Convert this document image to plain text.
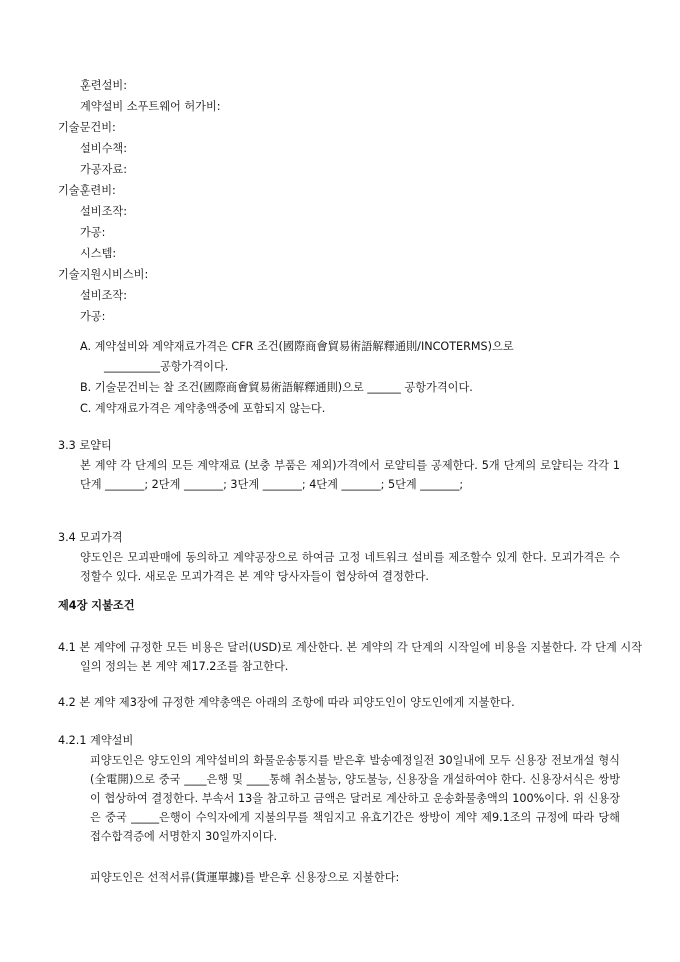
훈련설비:
계약설비 소푸트웨어 허가비:
기술문건비:
설비수책:
가공자료:
기술훈련비:
설비조작:
가공:
시스템:
기술지원시비스비:
설비조작:
가공:
A. 계약설비와 계약재료가격은 CFR 조건(國際商會貿易術語解釋通則/INCOTERMS)으로
__________공항가격이다.
B. 기술문건비는 찰 조건(國際商會貿易術語解釋通則)으로 ______ 공항가격이다.
C. 계약재료가격은 계약총액중에 포함되지 않는다.
3.3 로얄티
본 계약 각 단계의 모든 계약재료 (보충 부품은 제외)가격에서 로얄티를 공제한다. 5개 단계의 로얄티는 각각 1단계 _______; 2단계 _______; 3단계 _______; 4단계 _______; 5단계 _______;
3.4 모괴가격
양도인은 모괴판매에 동의하고 계약공장으로 하여금 고정 네트워크 설비를 제조할수 있게 한다. 모괴가격은 수정할수 있다. 새로운 모괴가격은 본 계약 당사자들이 협상하여 결정한다.
제4장 지불조건
4.1 본 계약에 규정한 모든 비용은 달러(USD)로 계산한다. 본 계약의 각 단계의 시작일에 비용을 지불한다. 각 단계 시작일의 정의는 본 계약 제17.2조를 참고한다.
4.2 본 계약 제3장에 규정한 계약총액은 아래의 조항에 따라 피양도인이 양도인에게 지불한다.
4.2.1 계약설비
피양도인은 양도인의 계약설비의 화물운송통지를 받은후 발송예정일전 30일내에 모두 신용장 전보개설 형식(全電開)으로 중국 ____은행 및 ____통해 취소불능, 양도불능, 신용장을 개설하여야 한다. 신용장서식은 쌍방이 협상하여 결정한다. 부속서 13을 참고하고 금액은 달러로 계산하고 운송화물총액의 100%이다. 위 신용장은 중국 _____은행이 수익자에게 지불의무를 책임지고 유효기간은 쌍방이 계약 제9.1조의 규정에 따라 당해 접수합격증에 서명한지 30일까지이다.
피양도인은 선적서류(貨運單據)를 받은후 신용장으로 지불한다:
